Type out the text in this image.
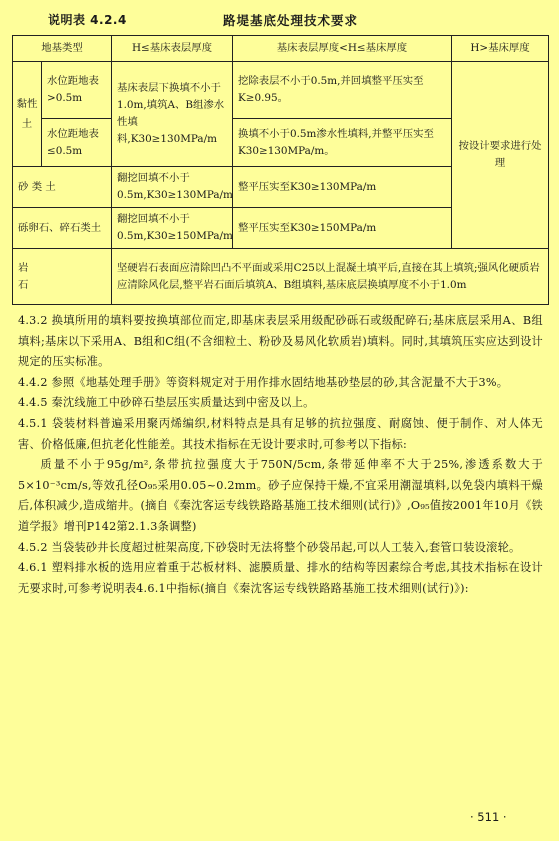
说明表 4.2.4	路堤基底处理技术要求
地基类型		H≤基床表层厚度	基床表层厚度<H≤基床厚度	H>基床厚度
黏性土	水位距地表>0.5m	基床表层下换填不小于1.0m,填筑A、B组渗水性填料,K30≥130MPa/m	挖除表层不小于0.5m,并回填整平压实至K≥0.95。	按设计要求进行处理
	水位距地表≤0.5m		换填不小于0.5m渗水性填料,并整平压实至K30≥130MPa/m。	
砂 类 土		翻挖回填不小于0.5m,K30≥130MPa/m	整平压实至K30≥130MPa/m	
砾卵石、碎石类土		翻挖回填不小于0.5m,K30≥150MPa/m	整平压实至K30≥150MPa/m	
岩 石		坚硬岩石表面应清除凹凸不平面或采用C25以上混凝土填平后,直接在其上填筑;强风化硬质岩应清除风化层,整平岩石面后填筑A、B组填料,基床底层换填厚度不小于1.0m		

4.3.2 换填所用的填料要按换填部位而定,即基床表层采用级配砂砾石或级配碎石;基床底层采用A、B组填料;基床以下采用A、B组和C组(不含细粒土、粉砂及易风化软质岩)填料。同时,其填筑压实应达到设计规定的压实标准。

4.4.2 参照《地基处理手册》等资料规定对于用作排水固结地基砂垫层的砂,其含泥量不大于3%。

4.4.5 秦沈线施工中砂碎石垫层压实质量达到中密及以上。

4.5.1 袋装材料普遍采用聚丙烯编织,材料特点是具有足够的抗拉强度、耐腐蚀、便于制作、对人体无害、价格低廉,但抗老化性能差。其技术指标在无设计要求时,可参考以下指标:

质量不小于95g/m²,条带抗拉强度大于750N/5cm,条带延伸率不大于25%,渗透系数大于5×10⁻³cm/s,等效孔径O₉₅采用0.05~0.2mm。砂子应保持干燥,不宜采用潮湿填料,以免袋内填料干燥后,体积减少,造成缩井。(摘自《秦沈客运专线铁路路基施工技术细则(试行)》,O₉₅值按2001年10月《铁道学报》增刊P142第2.1.3条调整)

4.5.2 当袋装砂井长度超过桩架高度,下砂袋时无法将整个砂袋吊起,可以人工装入,套管口装设滚轮。

4.6.1 塑料排水板的选用应着重于芯板材料、滤膜质量、排水的结构等因素综合考虑,其技术指标在设计无要求时,可参考说明表4.6.1中指标(摘自《秦沈客运专线铁路路基施工技术细则(试行)》):

· 511 ·
